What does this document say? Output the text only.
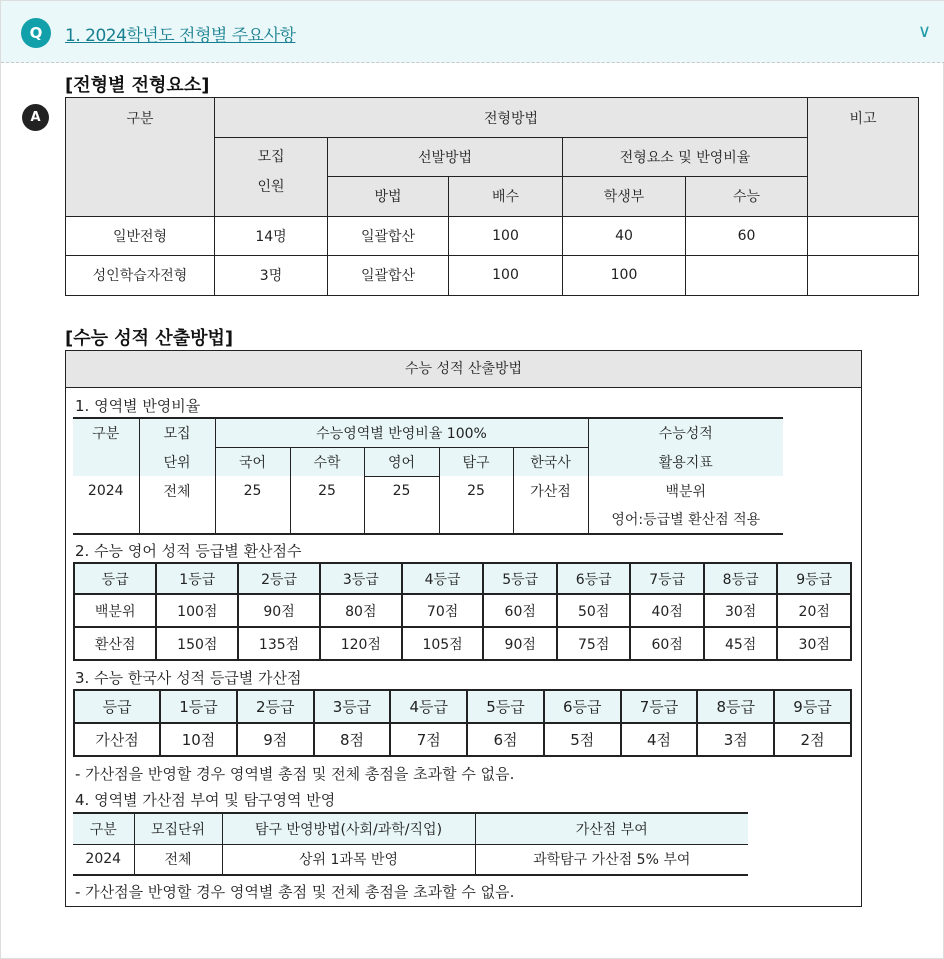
Q	1. 2024학년도 전형별 주요사항	∨
A
[전형별 전형요소]
구분	전형방법					비고
	모집
인원	선발방법		전형요소 및 반영비율		
		방법	배수	학생부	수능	
일반전형	14명	일괄합산	100	40	60	
성인학습자전형	3명	일괄합산	100	100		
[수능 성적 산출방법]
수능 성적 산출방법
1. 영역별 반영비율
구분	모집	수능영역별 반영비율 100%					수능성적
	단위	국어	수학	영어	탐구	한국사	활용지표
2024	전체	25	25	25	25	가산점	백분위
							영어:등급별 환산점 적용
2. 수능 영어 성적 등급별 환산점수
등급	1등급	2등급	3등급	4등급	5등급	6등급	7등급	8등급	9등급
백분위	100점	90점	80점	70점	60점	50점	40점	30점	20점
환산점	150점	135점	120점	105점	90점	75점	60점	45점	30점
3. 수능 한국사 성적 등급별 가산점
등급	1등급	2등급	3등급	4등급	5등급	6등급	7등급	8등급	9등급
가산점	10점	9점	8점	7점	6점	5점	4점	3점	2점
- 가산점을 반영할 경우 영역별 총점 및 전체 총점을 초과할 수 없음.
4. 영역별 가산점 부여 및 탐구영역 반영
구분	모집단위	탐구 반영방법(사회/과학/직업)	가산점 부여
2024	전체	상위 1과목 반영	과학탐구 가산점 5% 부여
- 가산점을 반영할 경우 영역별 총점 및 전체 총점을 초과할 수 없음.
